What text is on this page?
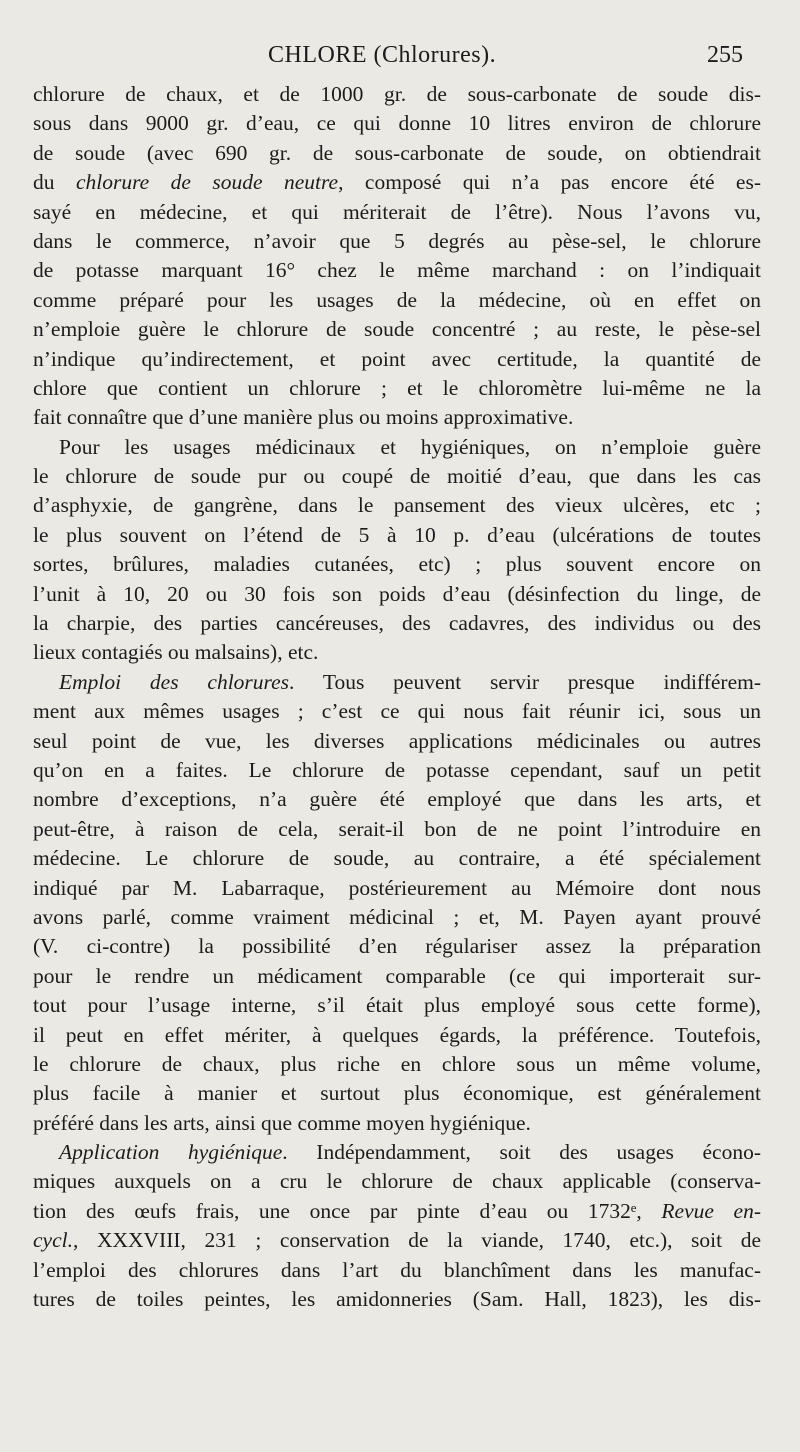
CHLORE (Chlorures).	255
chlorure de chaux, et de 1000 gr. de sous-carbonate de soude dis-
sous dans 9000 gr. d’eau, ce qui donne 10 litres environ de chlorure
de soude (avec 690 gr. de sous-carbonate de soude, on obtiendrait
du chlorure de soude neutre, composé qui n’a pas encore été es-
sayé en médecine, et qui mériterait de l’être). Nous l’avons vu,
dans le commerce, n’avoir que 5 degrés au pèse-sel, le chlorure
de potasse marquant 16° chez le même marchand : on l’indiquait
comme préparé pour les usages de la médecine, où en effet on
n’emploie guère le chlorure de soude concentré ; au reste, le pèse-sel
n’indique qu’indirectement, et point avec certitude, la quantité de
chlore que contient un chlorure ; et le chloromètre lui-même ne la
fait connaître que d’une manière plus ou moins approximative.
Pour les usages médicinaux et hygiéniques, on n’emploie guère
le chlorure de soude pur ou coupé de moitié d’eau, que dans les cas
d’asphyxie, de gangrène, dans le pansement des vieux ulcères, etc ;
le plus souvent on l’étend de 5 à 10 p. d’eau (ulcérations de toutes
sortes, brûlures, maladies cutanées, etc) ; plus souvent encore on
l’unit à 10, 20 ou 30 fois son poids d’eau (désinfection du linge, de
la charpie, des parties cancéreuses, des cadavres, des individus ou des
lieux contagiés ou malsains), etc.
Emploi des chlorures. Tous peuvent servir presque indifférem-
ment aux mêmes usages ; c’est ce qui nous fait réunir ici, sous un
seul point de vue, les diverses applications médicinales ou autres
qu’on en a faites. Le chlorure de potasse cependant, sauf un petit
nombre d’exceptions, n’a guère été employé que dans les arts, et
peut-être, à raison de cela, serait-il bon de ne point l’introduire en
médecine. Le chlorure de soude, au contraire, a été spécialement
indiqué par M. Labarraque, postérieurement au Mémoire dont nous
avons parlé, comme vraiment médicinal ; et, M. Payen ayant prouvé
(V. ci-contre) la possibilité d’en régulariser assez la préparation
pour le rendre un médicament comparable (ce qui importerait sur-
tout pour l’usage interne, s’il était plus employé sous cette forme),
il peut en effet mériter, à quelques égards, la préférence. Toutefois,
le chlorure de chaux, plus riche en chlore sous un même volume,
plus facile à manier et surtout plus économique, est généralement
préféré dans les arts, ainsi que comme moyen hygiénique.
Application hygiénique. Indépendamment, soit des usages écono-
miques auxquels on a cru le chlorure de chaux applicable (conserva-
tion des œufs frais, une once par pinte d’eau ou 1732ᵉ, Revue en-
cycl., XXXVIII, 231 ; conservation de la viande, 1740, etc.), soit de
l’emploi des chlorures dans l’art du blanchîment dans les manufac-
tures de toiles peintes, les amidonneries (Sam. Hall, 1823), les dis-
